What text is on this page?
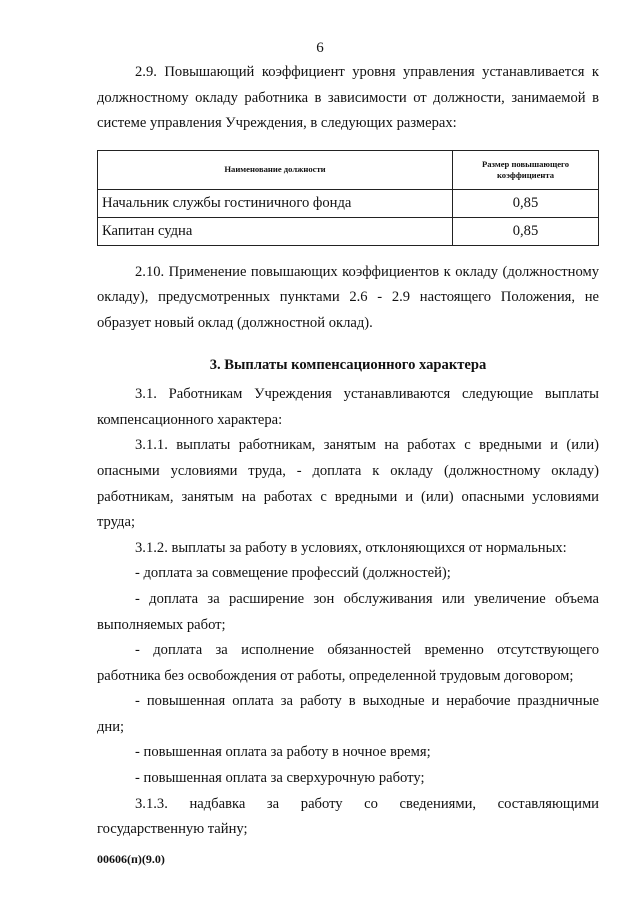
6

2.9. Повышающий коэффициент уровня управления устанавливается к должностному окладу работника в зависимости от должности, занимаемой в системе управления Учреждения, в следующих размерах:

Наименование должности	Размер повышающего коэффициента
Начальник службы гостиничного фонда	0,85
Капитан судна	0,85

2.10. Применение повышающих коэффициентов к окладу (должностному окладу), предусмотренных пунктами 2.6 - 2.9 настоящего Положения, не образует новый оклад (должностной оклад).

3. Выплаты компенсационного характера

3.1. Работникам Учреждения устанавливаются следующие выплаты компенсационного характера:

3.1.1. выплаты работникам, занятым на работах с вредными и (или) опасными условиями труда, - доплата к окладу (должностному окладу) работникам, занятым на работах с вредными и (или) опасными условиями труда;

3.1.2. выплаты за работу в условиях, отклоняющихся от нормальных:

- доплата за совмещение профессий (должностей);

- доплата за расширение зон обслуживания или увеличение объема выполняемых работ;

- доплата за исполнение обязанностей временно отсутствующего работника без освобождения от работы, определенной трудовым договором;

- повышенная оплата за работу в выходные и нерабочие праздничные дни;

- повышенная оплата за работу в ночное время;

- повышенная оплата за сверхурочную работу;

3.1.3. надбавка за работу со сведениями, составляющими государственную тайну;

00606(п)(9.0)
